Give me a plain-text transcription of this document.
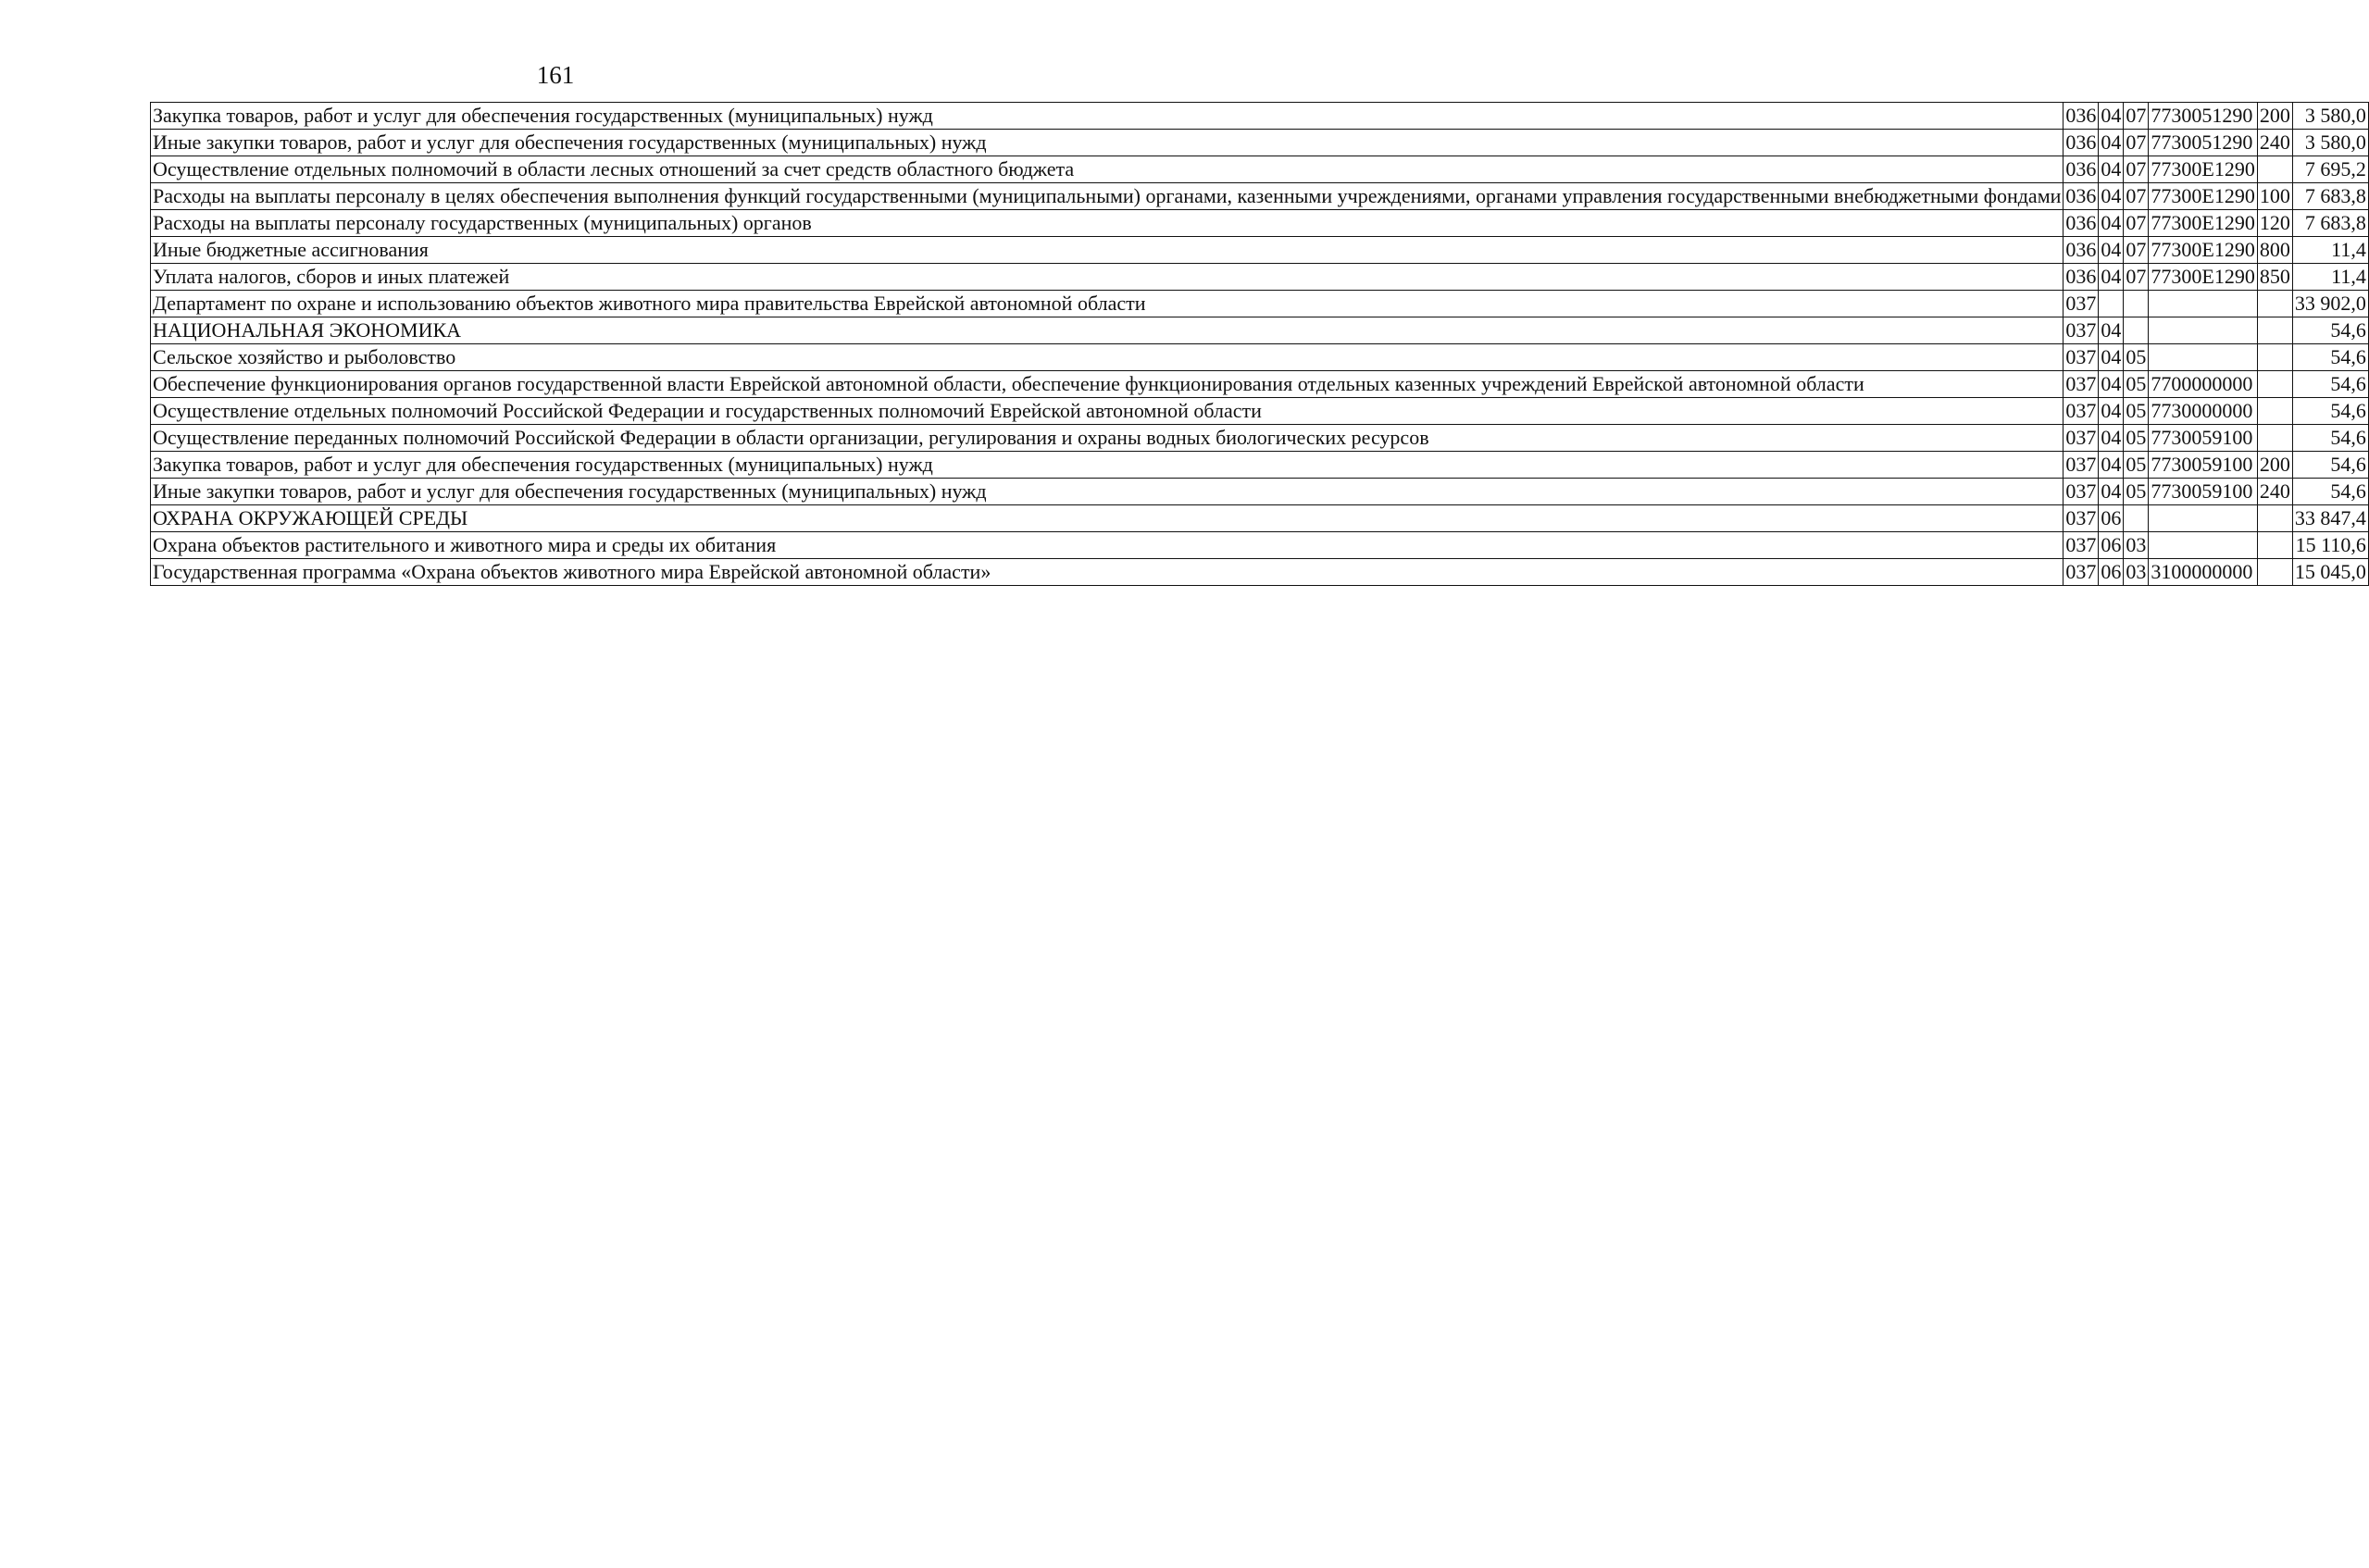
161
Закупка товаров, работ и услуг для обеспечения государственных (муниципальных) нужд	036	04	07	7730051290	200	3 580,0
Иные закупки товаров, работ и услуг для обеспечения государственных (муниципальных) нужд	036	04	07	7730051290	240	3 580,0
Осуществление отдельных полномочий в области лесных отношений за счет средств областного бюджета	036	04	07	77300E1290		7 695,2
Расходы на выплаты персоналу в целях обеспечения выполнения функций государственными (муниципальными) органами, казенными учреждениями, органами управления государственными внебюджетными фондами	036	04	07	77300E1290	100	7 683,8
Расходы на выплаты персоналу государственных (муниципальных) органов	036	04	07	77300E1290	120	7 683,8
Иные бюджетные ассигнования	036	04	07	77300E1290	800	11,4
Уплата налогов, сборов и иных платежей	036	04	07	77300E1290	850	11,4
Департамент по охране и использованию объектов животного мира правительства Еврейской автономной области	037					33 902,0
НАЦИОНАЛЬНАЯ ЭКОНОМИКА	037	04				54,6
Сельское хозяйство и рыболовство	037	04	05			54,6
Обеспечение функционирования органов государственной власти Еврейской автономной области, обеспечение функционирования отдельных казенных учреждений Еврейской автономной области	037	04	05	7700000000		54,6
Осуществление отдельных полномочий Российской Федерации и государственных полномочий Еврейской автономной области	037	04	05	7730000000		54,6
Осуществление переданных полномочий Российской Федерации в области организации, регулирования и охраны водных биологических ресурсов	037	04	05	7730059100		54,6
Закупка товаров, работ и услуг для обеспечения государственных (муниципальных) нужд	037	04	05	7730059100	200	54,6
Иные закупки товаров, работ и услуг для обеспечения государственных (муниципальных) нужд	037	04	05	7730059100	240	54,6
ОХРАНА ОКРУЖАЮЩЕЙ СРЕДЫ	037	06				33 847,4
Охрана объектов растительного и животного мира и среды их обитания	037	06	03			15 110,6
Государственная программа «Охрана объектов животного мира Еврейской автономной области»	037	06	03	3100000000		15 045,0
